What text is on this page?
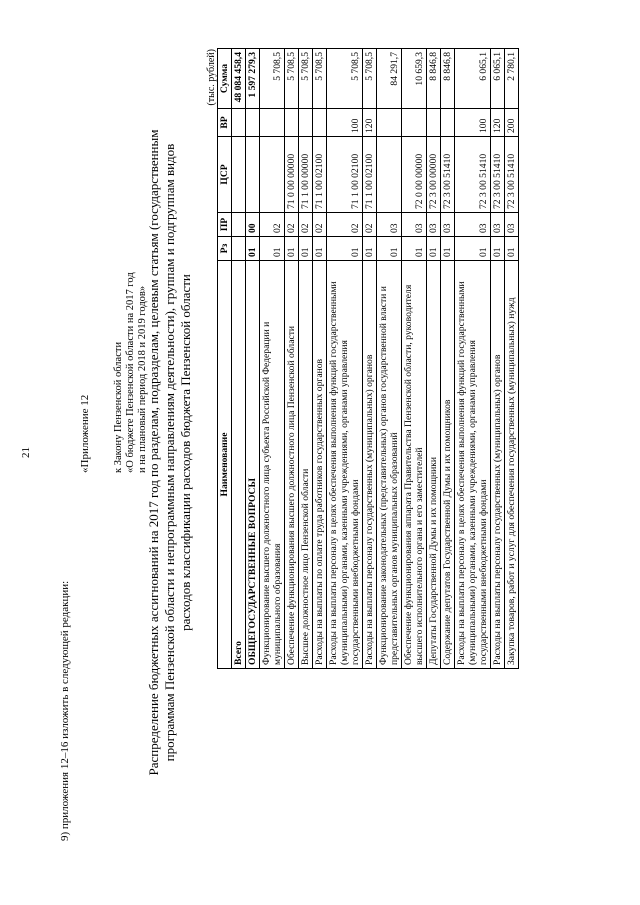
21
9) приложения 12–16 изложить в следующей редакции:
«Приложение 12 к Закону Пензенской области «О бюджете Пензенской области на 2017 год и на плановый период 2018 и 2019 годов»
Распределение бюджетных ассигнований на 2017 год по разделам, подразделам, целевым статьям (государственным программам Пензенской области и непрограммным направлениям деятельности), группам и подгруппам видов расходов классификации расходов бюджета Пензенской области
(тыс. рублей)
Наименование	Рз	ПР	ЦСР	ВР	Сумма
Всего					48 084 458,4
ОБЩЕГОСУДАРСТВЕННЫЕ ВОПРОСЫ	01	00			1 597 279,3
Функционирование высшего должностного лица субъекта Российской Федерации и муниципального образования	01	02			5 708,5
Обеспечение функционирования высшего должностного лица Пензенской области	01	02	71 0 00 00000		5 708,5
Высшее должностное лицо Пензенской области	01	02	71 1 00 00000		5 708,5
Расходы на выплаты по оплате труда работников государственных органов	01	02	71 1 00 02100		5 708,5
Расходы на выплаты персоналу в целях обеспечения выполнения функций государственными (муниципальными) органами, казенными учреждениями, органами управления государственными внебюджетными фондами	01	02	71 1 00 02100	100	5 708,5
Расходы на выплаты персоналу государственных (муниципальных) органов	01	02	71 1 00 02100	120	5 708,5
Функционирование законодательных (представительных) органов государственной власти и представительных органов муниципальных образований	01	03			84 291,7
Обеспечение функционирования аппарата Правительства Пензенской области, руководителя высшего исполнительного органа и его заместителей	01	03	72 0 00 00000		10 659,3
Депутаты Государственной Думы и их помощники	01	03	72 3 00 00000		8 846,8
Содержание депутатов Государственной Думы и их помощников	01	03	72 3 00 51410		8 846,8
Расходы на выплаты персоналу в целях обеспечения выполнения функций государственными (муниципальными) органами, казенными учреждениями, органами управления государственными внебюджетными фондами	01	03	72 3 00 51410	100	6 065,1
Расходы на выплаты персоналу государственных (муниципальных) органов	01	03	72 3 00 51410	120	6 065,1
Закупка товаров, работ и услуг для обеспечения государственных (муниципальных) нужд	01	03	72 3 00 51410	200	2 780,1
